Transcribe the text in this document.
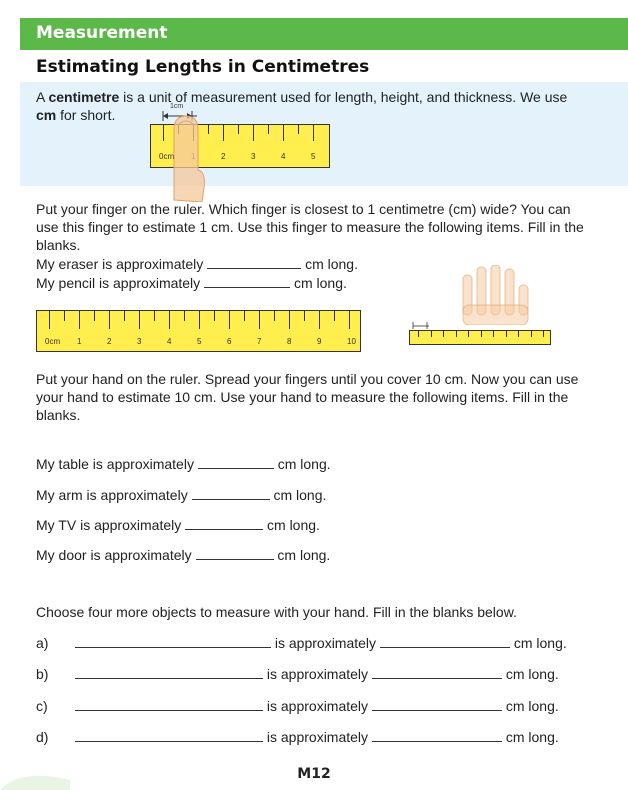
Measurement
Estimating Lengths in Centimetres
A centimetre is a unit of measurement used for length, height, and thickness. We use
cm for short.
1cm
0cm	2	3	4	5
Put your finger on the ruler. Which finger is closest to 1 centimetre (cm) wide? You can use this finger to estimate 1 cm. Use this finger to measure the following items. Fill in the blanks.
My eraser is approximately	cm long.
My pencil is approximately	cm long.
0cm 1	2	3	4	5	6	7	8	9	10
Put your hand on the ruler. Spread your fingers until you cover 10 cm. Now you can use your hand to estimate 10 cm. Use your hand to measure the following items. Fill in the blanks.
My table is approximately	cm long.
My arm is approximately	cm long.
My TV is approximately	cm long.
My door is approximately	cm long.
Choose four more objects to measure with your hand. Fill in the blanks below.
a)	is approximately	cm long.
b)	is approximately	cm long.
c)	is approximately	cm long.
d)	is approximately	cm long.
M12
